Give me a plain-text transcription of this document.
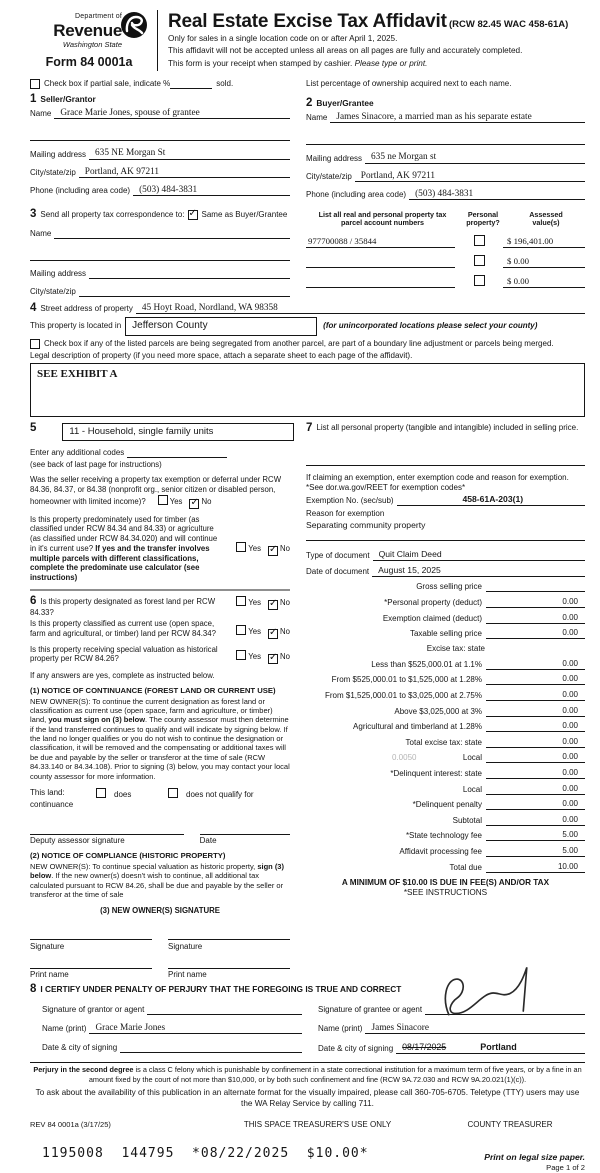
Department of
Revenue
Washington State
Form 84 0001a
Real Estate Excise Tax Affidavit (RCW 82.45 WAC 458-61A)
Only for sales in a single location code on or after April 1, 2025.
This affidavit will not be accepted unless all areas on all pages are fully and accurately completed.
This form is your receipt when stamped by cashier. Please type or print.
Check box if partial sale, indicate %	sold.	List percentage of ownership acquired next to each name.
1 Seller/Grantor
Name Grace Marie Jones, spouse of grantee
Mailing address 635 NE Morgan St
City/state/zip Portland, AK 97211
Phone (including area code) (503) 484-3831
2 Buyer/Grantee
Name James Sinacore, a married man as his separate estate
Mailing address 635 ne Morgan st
City/state/zip Portland, AK 97211
Phone (including area code) (503) 484-3831
3 Send all property tax correspondence to: ✓ Same as Buyer/Grantee
Name
Mailing address
City/state/zip
List all real and personal property tax
parcel account numbers
Personal
property?
Assessed
value(s)
977700088 / 35844	$ 196,401.00
$ 0.00
$ 0.00
4 Street address of property 45 Hoyt Road, Nordland, WA 98358
This property is located in	Jefferson County	(for unincorporated locations please select your county)
Check box if any of the listed parcels are being segregated from another parcel, are part of a boundary line adjustment or parcels being merged.
Legal description of property (if you need more space, attach a separate sheet to each page of the affidavit).
SEE EXHIBIT A
5	11 - Household, single family units
Enter any additional codes
(see back of last page for instructions)
Was the seller receiving a property tax exemption or deferral under RCW 84.36, 84.37, or 84.38 (nonprofit org., senior citizen or disabled person, homeowner with limited income)?	Yes ✓ No
Is this property predominately used for timber (as classified under RCW 84.34 and 84.33) or agriculture (as classified under RCW 84.34.020) and will continue in it's current use? If yes and the transfer involves multiple parcels with different classifications, complete the predominate use calculator (see instructions)
Yes ✓ No
6 Is this property designated as forest land per RCW 84.33?
Yes ✓ No
Is this property classified as current use (open space, farm and agricultural, or timber) land per RCW 84.34?	Yes ✓ No
Is this property receiving special valuation as historical property per RCW 84.26?	Yes ✓ No
If any answers are yes, complete as instructed below.
(1) NOTICE OF CONTINUANCE (FOREST LAND OR CURRENT USE)
NEW OWNER(S): To continue the current designation as forest land or classification as current use (open space, farm and agriculture, or timber) land, you must sign on (3) below. The county assessor must then determine if the land transferred continues to qualify and will indicate by signing below. If the land no longer qualifies or you do not wish to continue the designation or classification, it will be removed and the compensating or additional taxes will be due and payable by the seller or transferor at the time of sale (RCW 84.33.140 or 84.34.108). Prior to signing (3) below, you may contact your local county assessor for more information.
This land:	does	does not qualify for
continuance
Deputy assessor signature	Date
(2) NOTICE OF COMPLIANCE (HISTORIC PROPERTY)
NEW OWNER(S): To continue special valuation as historic property, sign (3) below. If the new owner(s) doesn't wish to continue, all additional tax calculated pursuant to RCW 84.26, shall be due and payable by the seller or transferor at the time of sale
(3) NEW OWNER(S) SIGNATURE
Signature	Signature
Print name	Print name
7 List all personal property (tangible and intangible) included in selling price.
If claiming an exemption, enter exemption code and reason for exemption. *See dor.wa.gov/REET for exemption codes*
Exemption No. (sec/sub)	458-61A-203(1)
Reason for exemption
Separating community property
Type of document	Quit Claim Deed
Date of document	August 15, 2025
Gross selling price
*Personal property (deduct)	0.00
Exemption claimed (deduct)	0.00
Taxable selling price	0.00
Excise tax: state
Less than $525,000.01 at 1.1%	0.00
From $525,000.01 to $1,525,000 at 1.28%	0.00
From $1,525,000.01 to $3,025,000 at 2.75%	0.00
Above $3,025,000 at 3%	0.00
Agricultural and timberland at 1.28%	0.00
Total excise tax: state	0.00
0.0050	Local	0.00
*Delinquent interest: state	0.00
Local	0.00
*Delinquent penalty	0.00
Subtotal	0.00
*State technology fee	5.00
Affidavit processing fee	5.00
Total due	10.00
A MINIMUM OF $10.00 IS DUE IN FEE(S) AND/OR TAX
*SEE INSTRUCTIONS
8 I CERTIFY UNDER PENALTY OF PERJURY THAT THE FOREGOING IS TRUE AND CORRECT
Signature of grantor or agent
Name (print) Grace Marie Jones
Date & city of signing
Signature of grantee or agent
Name (print) James Sinacore
Date & city of signing	08/17/2025	Portland
Perjury in the second degree is a class C felony which is punishable by confinement in a state correctional institution for a maximum term of five years, or by a fine in an amount fixed by the court of not more than $10,000, or by both such confinement and fine (RCW 9A.72.030 and RCW 9A.20.021(1)(c)).
To ask about the availability of this publication in an alternate format for the visually impaired, please call 360-705-6705. Teletype (TTY) users may use the WA Relay Service by calling 711.
REV 84 0001a (3/17/25)	THIS SPACE TREASURER'S USE ONLY	COUNTY TREASURER
1195008  144795  *08/22/2025  $10.00*	Print on legal size paper.
Page 1 of 2
